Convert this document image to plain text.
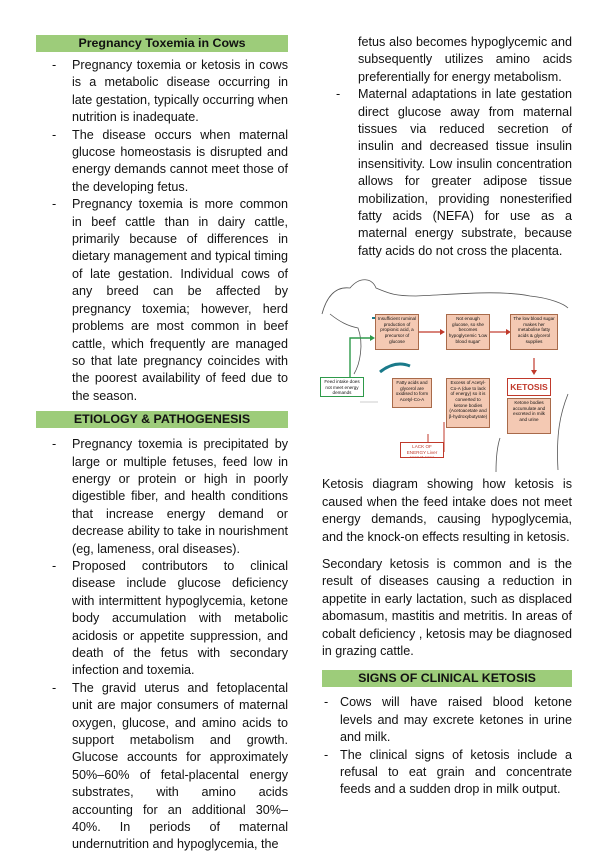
Pregnancy Toxemia in Cows
- Pregnancy toxemia or ketosis in cows is a metabolic disease occurring in late gestation, typically occurring when nutrition is inadequate.
- The disease occurs when maternal glucose homeostasis is disrupted and energy demands cannot meet those of the developing fetus.
- Pregnancy toxemia is more common in beef cattle than in dairy cattle, primarily because of differences in dietary management and typical timing of late gestation. Individual cows of any breed can be affected by pregnancy toxemia; however, herd problems are most common in beef cattle, which frequently are managed so that late pregnancy coincides with the poorest availability of feed due to the season.
ETIOLOGY & PATHOGENESIS
- Pregnancy toxemia is precipitated by large or multiple fetuses, feed low in energy or protein or high in poorly digestible fiber, and health conditions that increase energy demand or decrease ability to take in nourishment (eg, lameness, oral diseases).
- Proposed contributors to clinical disease include glucose deficiency with intermittent hypoglycemia, ketone body accumulation with metabolic acidosis or appetite suppression, and death of the fetus with secondary infection and toxemia.
- The gravid uterus and fetoplacental unit are major consumers of maternal oxygen, glucose, and amino acids to support metabolism and growth. Glucose accounts for approximately 50%–60% of fetal-placental energy substrates, with amino acids accounting for an additional 30%–40%. In periods of maternal undernutrition and hypoglycemia, the

fetus also becomes hypoglycemic and subsequently utilizes amino acids preferentially for energy metabolism.

- Maternal adaptations in late gestation direct glucose away from maternal tissues via reduced secretion of insulin and decreased tissue insulin insensitivity. Low insulin concentration allows for greater adipose tissue mobilization, providing nonesterified fatty acids (NEFA) for use as a maternal energy substrate, because fatty acids do not cross the placenta.
Insufficient ruminal production of propionic acid, a precursor of glucose
Not enough glucose, so she becomes hypoglycemic 'Low blood sugar'
The low blood sugar makes her metabolise fatty acids & glycerol supplies
Feed intake does not meet energy demands
Fatty acids and glycerol are oxidised to form Acetyl-Co-A
Excess of Acetyl-Co-A (due to lack of energy) so it is converted to ketone bodies (Acetoacetate and β-hydroxybutyrate)
KETOSIS
Ketone bodies accumulate and excreted in milk and urine
LACK OF ENERGY Liver cannot cope

Ketosis diagram showing how ketosis is caused when the feed intake does not meet energy demands, causing hypoglycemia, and the knock-on effects resulting in ketosis.

Secondary ketosis is common and is the result of diseases causing a reduction in appetite in early lactation, such as displaced abomasum, mastitis and metritis. In areas of cobalt deficiency , ketosis may be diagnosed in grazing cattle.

SIGNS OF CLINICAL KETOSIS
- Cows will have raised blood ketone levels and may excrete ketones in urine and milk.
- The clinical signs of ketosis include a refusal to eat grain and concentrate feeds and a sudden drop in milk output.
